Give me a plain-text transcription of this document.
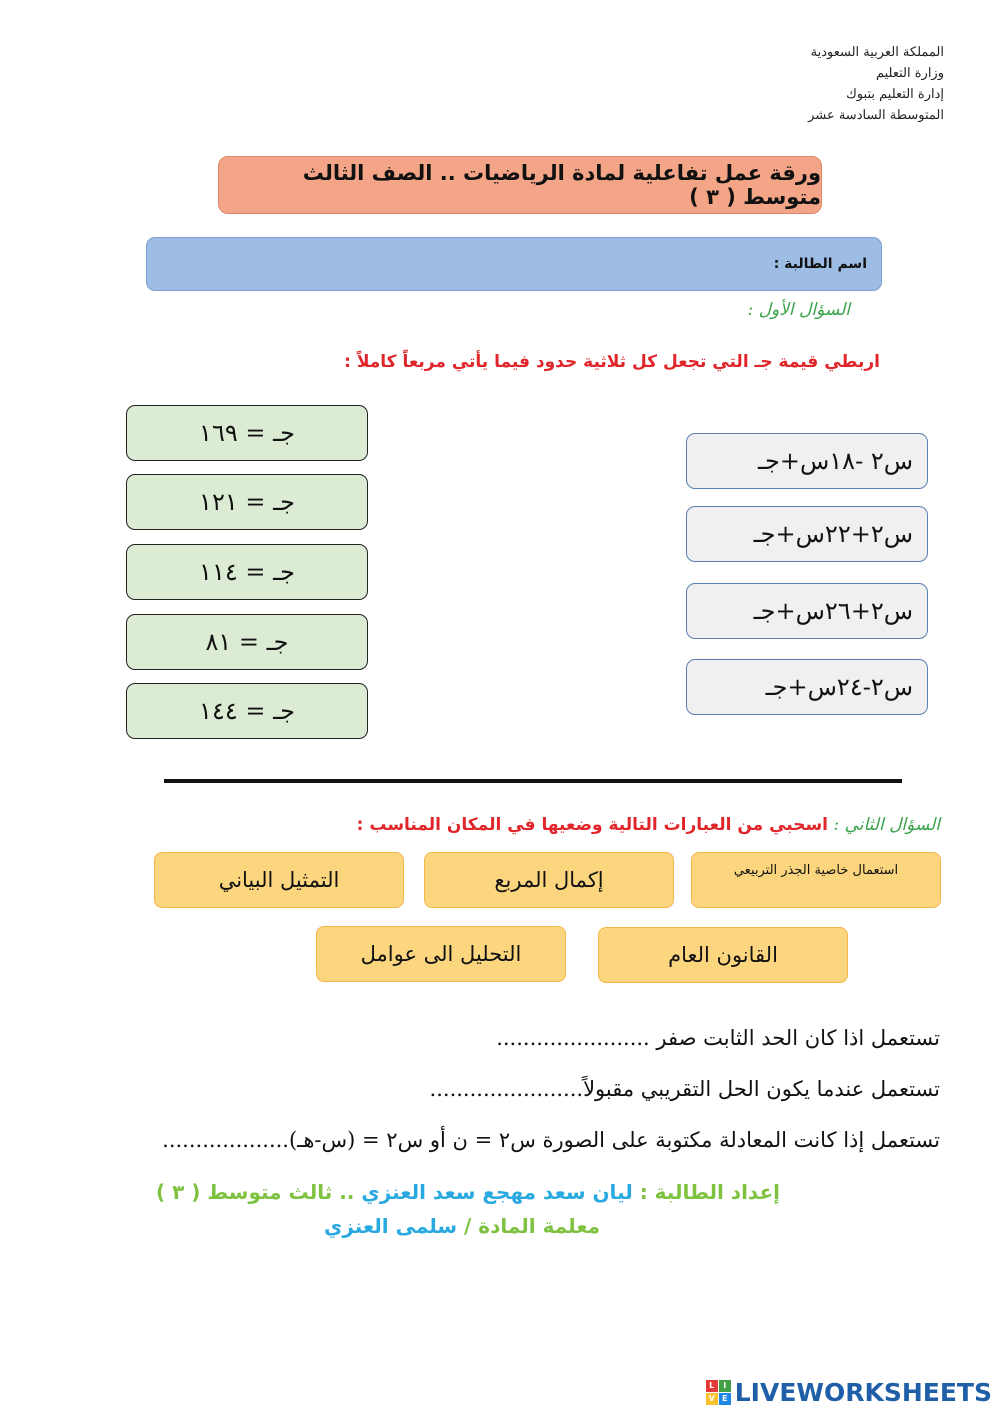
المملكة العربية السعودية
وزارة التعليم
إدارة التعليم بتبوك
المتوسطة السادسة عشر
ورقة عمل تفاعلية لمادة الرياضيات .. الصف الثالث متوسط ( ٣ )
اسم الطالبة :
السؤال الأول :
اربطي قيمة جـ التي تجعل كل ثلاثية حدود فيما يأتي مربعاً كاملاً :
جـ = ١٦٩
جـ = ١٢١
جـ = ١١٤
جـ = ٨١
جـ = ١٤٤
س٢ -١٨س+جـ
س٢+٢٢س+جـ
س٢+٢٦س+جـ
س٢-٢٤س+جـ
السؤال الثاني : اسحبي من العبارات التالية وضعيها في المكان المناسب :
استعمال خاصية الجذر التربيعي
إكمال المربع
التمثيل البياني
القانون العام
التحليل الى عوامل
تستعمل اذا كان الحد الثابت صفر .......................
تستعمل عندما يكون الحل التقريبي مقبولاً.......................
تستعمل إذا كانت المعادلة مكتوبة على الصورة س٢ = ن أو س٢ = (س-هـ)...................
إعداد الطالبة : ليان سعد مهجع سعد العنزي .. ثالث متوسط ( ٣ )
معلمة المادة / سلمى العنزي
L	I
V E LIVEWORKSHEETS
